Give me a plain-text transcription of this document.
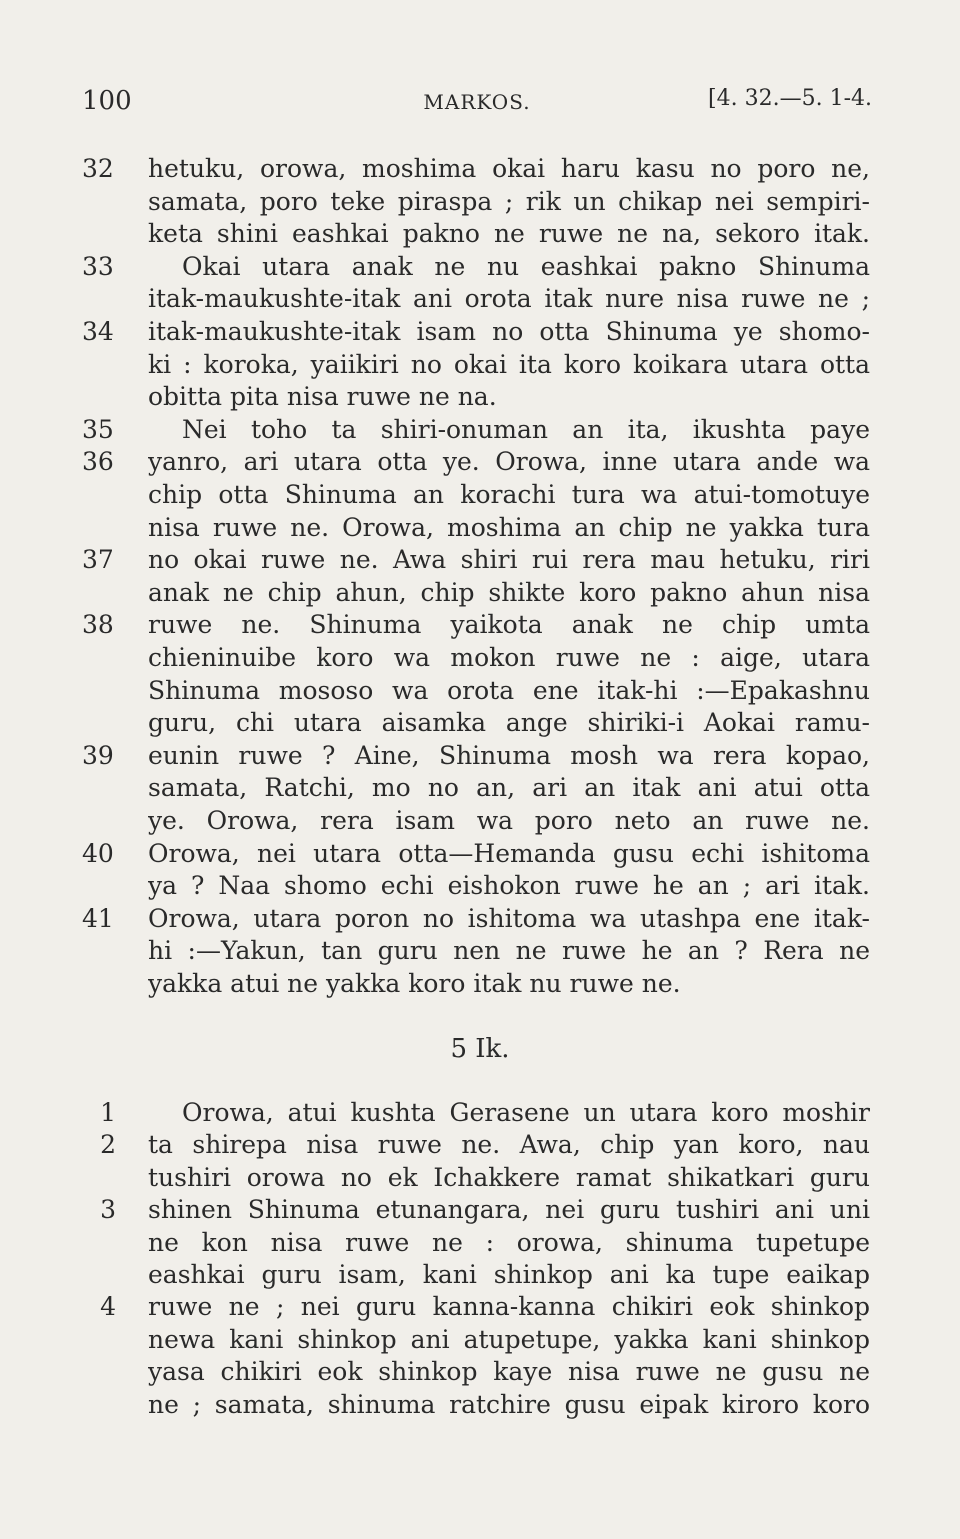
100	MARKOS.	[4. 32.—5. 1-4.
32	hetuku, orowa, moshima okai haru kasu no poro ne,
samata, poro teke piraspa ; rik un chikap nei sempiri-
keta shini eashkai pakno ne ruwe ne na, sekoro itak.
33	Okai utara anak ne nu eashkai pakno Shinuma
itak-maukushte-itak ani orota itak nure nisa ruwe ne ;
34	itak-maukushte-itak isam no otta Shinuma ye shomo-
ki : koroka, yaiikiri no okai ita koro koikara utara otta
obitta pita nisa ruwe ne na.
35	Nei toho ta shiri-onuman an ita, ikushta paye
36	yanro, ari utara otta ye. Orowa, inne utara ande wa
chip otta Shinuma an korachi tura wa atui-tomotuye
nisa ruwe ne. Orowa, moshima an chip ne yakka tura
37	no okai ruwe ne. Awa shiri rui rera mau hetuku, riri
anak ne chip ahun, chip shikte koro pakno ahun nisa
38	ruwe ne. Shinuma yaikota anak ne chip umta
chieninuibe koro wa mokon ruwe ne : aige, utara
Shinuma mososo wa orota ene itak-hi :—Epakashnu
guru, chi utara aisamka ange shiriki-i Aokai ramu-
39	eunin ruwe ? Aine, Shinuma mosh wa rera kopao,
samata, Ratchi, mo no an, ari an itak ani atui otta
ye. Orowa, rera isam wa poro neto an ruwe ne.
40	Orowa, nei utara otta—Hemanda gusu echi ishitoma
ya ? Naa shomo echi eishokon ruwe he an ; ari itak.
41	Orowa, utara poron no ishitoma wa utashpa ene itak-
hi :—Yakun, tan guru nen ne ruwe he an ? Rera ne
yakka atui ne yakka koro itak nu ruwe ne.
5 Ik.
1	Orowa, atui kushta Gerasene un utara koro moshir
2 ta shirepa nisa ruwe ne. Awa, chip yan koro, nau
tushiri orowa no ek Ichakkere ramat shikatkari guru
3 shinen Shinuma etunangara, nei guru tushiri ani uni
ne kon nisa ruwe ne : orowa, shinuma tupetupe
eashkai guru isam, kani shinkop ani ka tupe eaikap
4 ruwe ne ; nei guru kanna-kanna chikiri eok shinkop
newa kani shinkop ani atupetupe, yakka kani shinkop
yasa chikiri eok shinkop kaye nisa ruwe ne gusu ne
ne ; samata, shinuma ratchire gusu eipak kiroro koro
